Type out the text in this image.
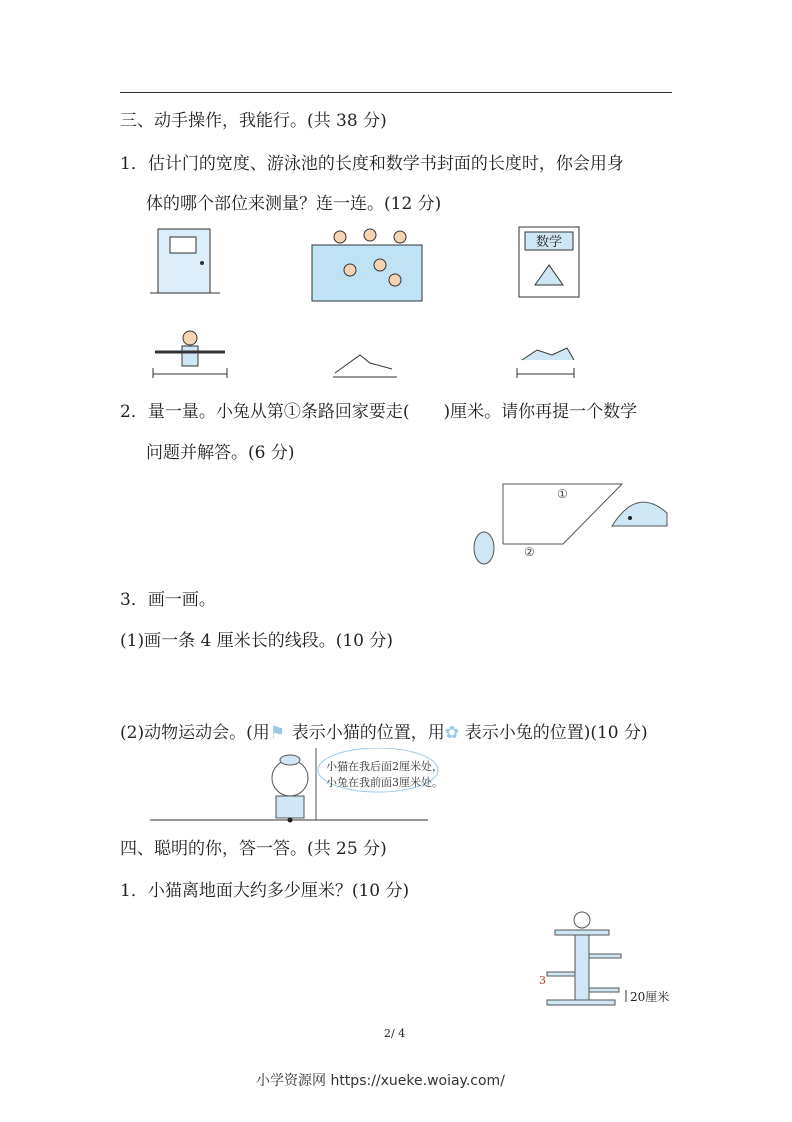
三、动手操作，我能行。(共 38 分)
1．估计门的宽度、游泳池的长度和数学书封面的长度时，你会用身
体的哪个部位来测量？连一连。(12 分)
数学
2．量一量。小兔从第①条路回家要走(　　)厘米。请你再提一个数学
问题并解答。(6 分)
①
②
3．画一画。
(1)画一条 4 厘米长的线段。(10 分)
(2)动物运动会。(用⚑ 表示小猫的位置，用✿ 表示小兔的位置)(10 分)
小猫在我后面2厘米处，
小兔在我前面3厘米处。
四、聪明的你，答一答。(共 25 分)
1．小猫离地面大约多少厘米？(10 分)
3
20厘米
2/ 4
小学资源网 https://xueke.woiay.com/
